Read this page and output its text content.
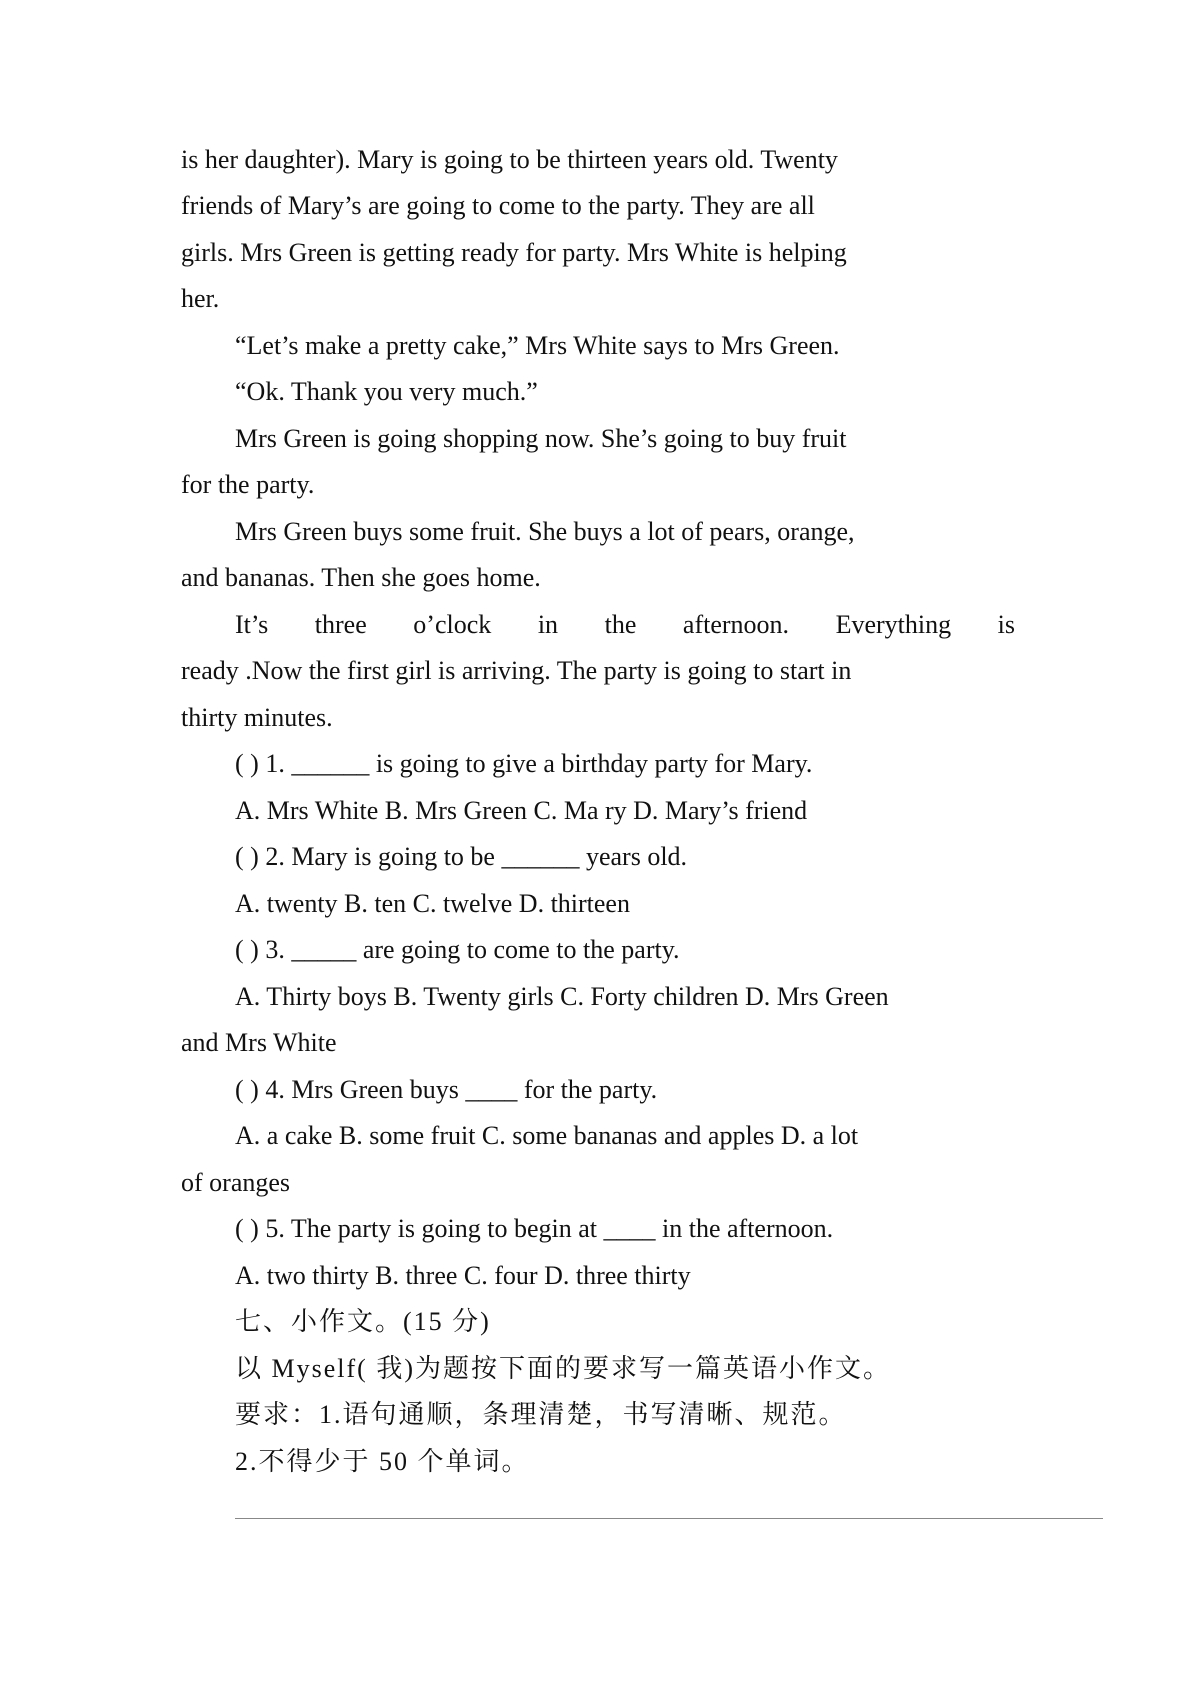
is her daughter). Mary is going to be thirteen years old. Twenty
friends of Mary’s are going to come to the party. They are all
girls. Mrs Green is getting ready for party. Mrs White is helping
her.
“Let’s make a pretty cake,” Mrs White says to Mrs Green.
“Ok. Thank you very much.”
Mrs Green is going shopping now. She’s going to buy fruit
for the party.
Mrs Green buys some fruit. She buys a lot of pears, orange,
and bananas. Then she goes home.
It’s three o’clock in the afternoon. Everything is
ready .Now the first girl is arriving. The party is going to start in
thirty minutes.
( ) 1. ______ is going to give a birthday party for Mary.
A. Mrs White B. Mrs Green C. Ma ry D. Mary’s friend
( ) 2. Mary is going to be ______ years old.
A. twenty B. ten C. twelve D. thirteen
( ) 3. _____ are going to come to the party.
A. Thirty boys B. Twenty girls C. Forty children D. Mrs Green
and Mrs White
( ) 4. Mrs Green buys ____ for the party.
A. a cake B. some fruit C. some bananas and apples D. a lot
of oranges
( ) 5. The party is going to begin at ____ in the afternoon.
A. two thirty B. three C. four D. three thirty
七、小作文。(15 分)
以 Myself( 我)为题按下面的要求写一篇英语小作文。
要求：1.语句通顺，条理清楚，书写清晰、规范。
2.不得少于 50 个单词。
